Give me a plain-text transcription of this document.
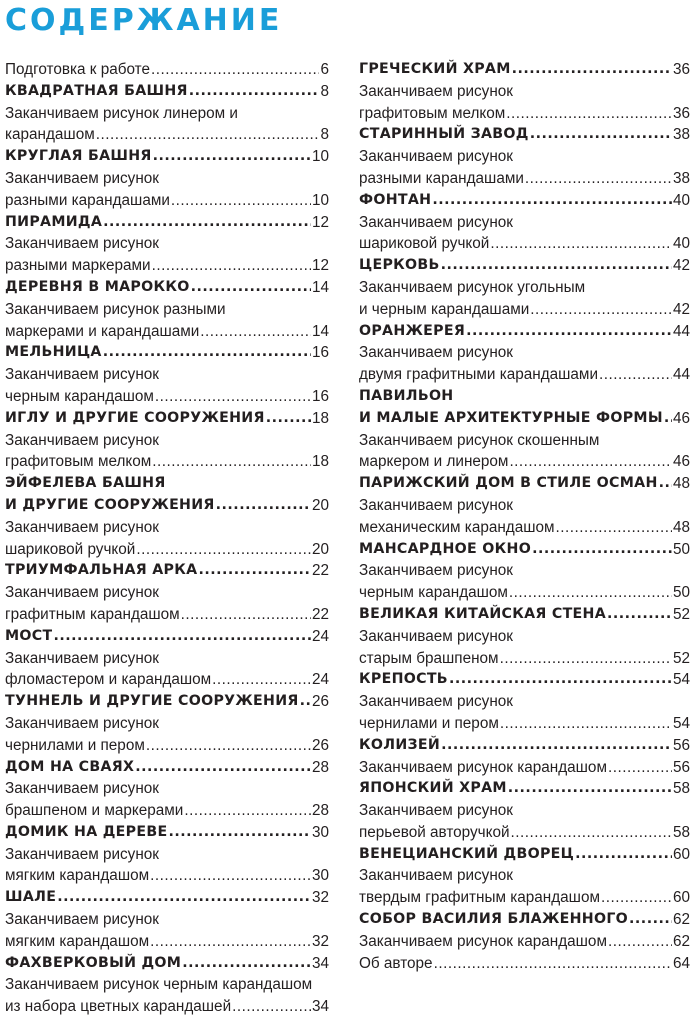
СОДЕРЖАНИЕ
Подготовка к работе .....	6
КВАДРАТНАЯ БАШНЯ .....	8
Заканчиваем рисунок линером и
карандашом .....	8
КРУГЛАЯ БАШНЯ .....	10
Заканчиваем рисунок
разными карандашами .....	10
ПИРАМИДА .....	12
Заканчиваем рисунок
разными маркерами .....	12
ДЕРЕВНЯ В МАРОККО .....	14
Заканчиваем рисунок разными
маркерами и карандашами .....	14
МЕЛЬНИЦА .....	16
Заканчиваем рисунок
черным карандашом .....	16
ИГЛУ И ДРУГИЕ СООРУЖЕНИЯ .....	18
Заканчиваем рисунок
графитовым мелком .....	18
ЭЙФЕЛЕВА БАШНЯ
И ДРУГИЕ СООРУЖЕНИЯ .....	20
Заканчиваем рисунок
шариковой ручкой .....	20
ТРИУМФАЛЬНАЯ АРКА .....	22
Заканчиваем рисунок
графитным карандашом .....	22
МОСТ .....	24
Заканчиваем рисунок
фломастером и карандашом .....	24
ТУННЕЛЬ И ДРУГИЕ СООРУЖЕНИЯ ..... 26
Заканчиваем рисунок
чернилами и пером .....	26
ДОМ НА СВАЯХ .....	28
Заканчиваем рисунок
брашпеном и маркерами .....	28
ДОМИК НА ДЕРЕВЕ .....	30
Заканчиваем рисунок
мягким карандашом .....	30
ШАЛЕ .....	32
Заканчиваем рисунок
мягким карандашом .....	32
ФАХВЕРКОВЫЙ ДОМ .....	34
Заканчиваем рисунок черным карандашом
из набора цветных карандашей .....	34
ГРЕЧЕСКИЙ ХРАМ .....	36
Заканчиваем рисунок
графитовым мелком .....	36
СТАРИННЫЙ ЗАВОД .....	38
Заканчиваем рисунок
разными карандашами .....	38
ФОНТАН .....	40
Заканчиваем рисунок
шариковой ручкой .....	40
ЦЕРКОВЬ .....	42
Заканчиваем рисунок угольным
и черным карандашами .....	42
ОРАНЖЕРЕЯ .....	44
Заканчиваем рисунок
двумя графитными карандашами .....	44
ПАВИЛЬОН
И МАЛЫЕ АРХИТЕКТУРНЫЕ ФОРМЫ ..... 46
Заканчиваем рисунок скошенным
маркером и линером .....	46
ПАРИЖСКИЙ ДОМ В СТИЛЕ ОСМАН ..... 48
Заканчиваем рисунок
механическим карандашом .....	48
МАНСАРДНОЕ ОКНО .....	50
Заканчиваем рисунок
черным карандашом .....	50
ВЕЛИКАЯ КИТАЙСКАЯ СТЕНА .....	52
Заканчиваем рисунок
старым брашпеном .....	52
КРЕПОСТЬ .....	54
Заканчиваем рисунок
чернилами и пером .....	54
КОЛИЗЕЙ .....	56
Заканчиваем рисунок карандашом .....	56
ЯПОНСКИЙ ХРАМ .....	58
Заканчиваем рисунок
перьевой авторучкой .....	58
ВЕНЕЦИАНСКИЙ ДВОРЕЦ .....	60
Заканчиваем рисунок
твердым графитным карандашом .....	60
СОБОР ВАСИЛИЯ БЛАЖЕННОГО .....	62
Заканчиваем рисунок карандашом .....	62
Об авторе .....	64
